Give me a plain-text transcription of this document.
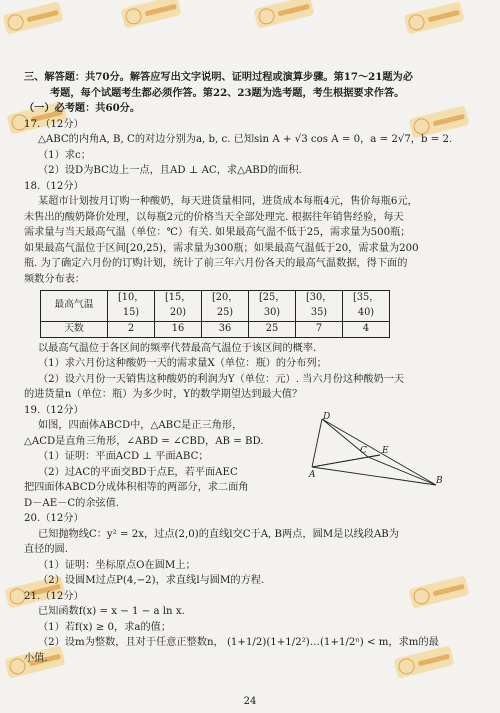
三、解答题：共70分。解答应写出文字说明、证明过程或演算步骤。第17～21题为必

考题，每个试题考生都必须作答。第22、23题为选考题，考生根据要求作答。

（一）必考题：共60分。

17.（12分）

△ABC的内角A, B, C的对边分别为a, b, c. 已知sin A + √3 cos A = 0，a = 2√7，b = 2.

（1）求c；

（2）设D为BC边上一点，且AD ⊥ AC，求△ABD的面积.

18.（12分）

某超市计划按月订购一种酸奶，每天进货量相同，进货成本每瓶4元，售价每瓶6元，

未售出的酸奶降价处理，以每瓶2元的价格当天全部处理完. 根据往年销售经验，每天

需求量与当天最高气温（单位：℃）有关. 如果最高气温不低于25，需求量为500瓶；

如果最高气温位于区间[20,25)，需求量为300瓶；如果最高气温低于20，需求量为200

瓶. 为了确定六月份的订购计划，统计了前三年六月份各天的最高气温数据，得下面的

频数分布表：

最高气温	[10，15)	[15，20)	[20，25)	[25，30)	[30，35)	[35，40)
天数	2	16	36	25	7	4

以最高气温位于各区间的频率代替最高气温位于该区间的概率.

（1）求六月份这种酸奶一天的需求量X（单位：瓶）的分布列；

（2）设六月份一天销售这种酸奶的利润为Y（单位：元）. 当六月份这种酸奶一天

的进货量n（单位：瓶）为多少时，Y的数学期望达到最大值？

19.（12分）

如图，四面体ABCD中，△ABC是正三角形，

△ACD是直角三角形，∠ABD = ∠CBD，AB = BD.

（1）证明：平面ACD ⊥ 平面ABC；

（2）过AC的平面交BD于点E，若平面AEC

把四面体ABCD分成体积相等的两部分，求二面角

D－AE－C的余弦值.

20.（12分）

已知抛物线C：y² = 2x，过点(2,0)的直线l交C于A, B两点，圆M是以线段AB为

直径的圆.

（1）证明：坐标原点O在圆M上；

（2）设圆M过点P(4,−2)，求直线l与圆M的方程.

21.（12分）

已知函数f(x) = x − 1 − a ln x.

（1）若f(x) ≥ 0，求a的值；

（2）设m为整数，且对于任意正整数n， (1+1/2)(1+1/2²)…(1+1/2ⁿ) < m，求m的最

小值.

D
A
C E
B
24
